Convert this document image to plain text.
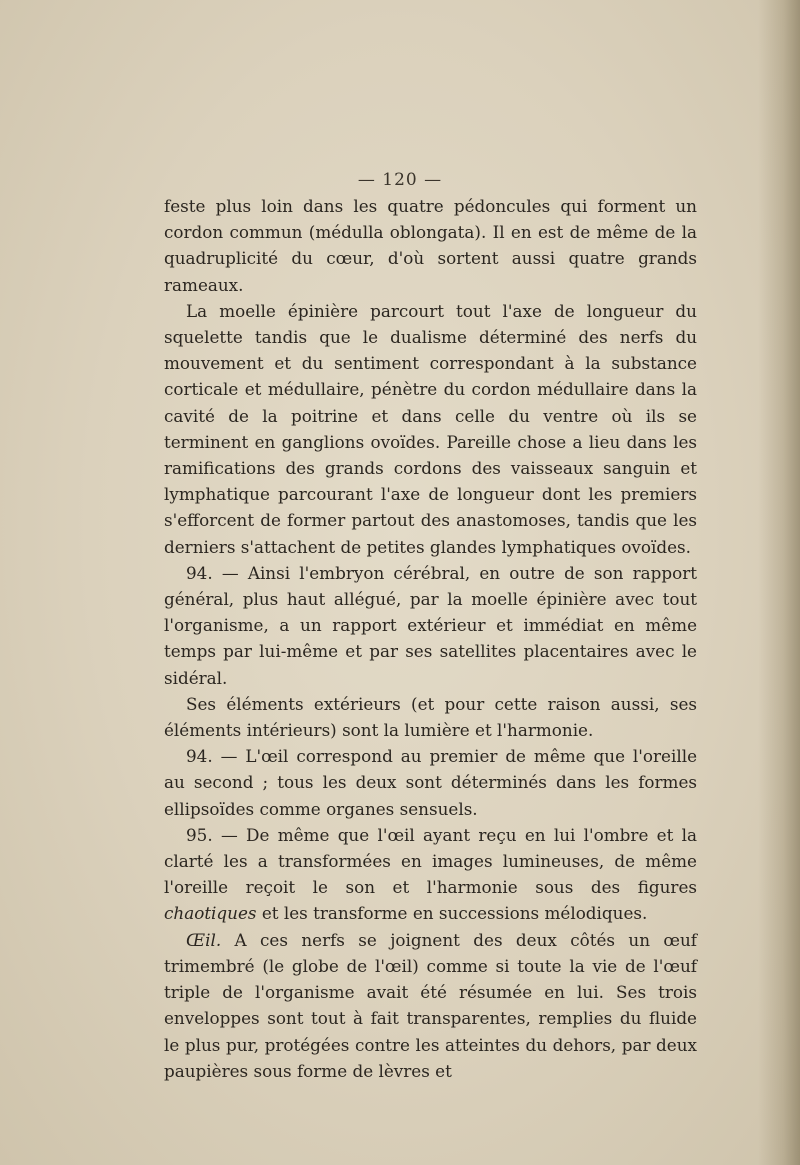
— 120 —

feste plus loin dans les quatre pédoncules qui forment un cordon commun (médulla oblongata). Il en est de même de la quadruplicité du cœur, d'où sortent aussi quatre grands rameaux.

La moelle épinière parcourt tout l'axe de longueur du squelette tandis que le dualisme déterminé des nerfs du mouvement et du sentiment correspondant à la substance corticale et médullaire, pénètre du cordon médullaire dans la cavité de la poitrine et dans celle du ventre où ils se terminent en ganglions ovoïdes. Pareille chose a lieu dans les ramifications des grands cordons des vaisseaux sanguin et lymphatique parcourant l'axe de longueur dont les premiers s'efforcent de former partout des anastomoses, tandis que les derniers s'attachent de petites glandes lymphatiques ovoïdes.

94. — Ainsi l'embryon cérébral, en outre de son rapport général, plus haut allégué, par la moelle épinière avec tout l'organisme, a un rapport extérieur et immédiat en même temps par lui-même et par ses satellites placentaires avec le sidéral.

Ses éléments extérieurs (et pour cette raison aussi, ses éléments intérieurs) sont la lumière et l'harmonie.

94. — L'œil correspond au premier de même que l'oreille au second ; tous les deux sont déterminés dans les formes ellipsoïdes comme organes sensuels.

95. — De même que l'œil ayant reçu en lui l'ombre et la clarté les a transformées en images lumineuses, de même l'oreille reçoit le son et l'harmonie sous des figures chaotiques et les transforme en successions mélodiques.

Œil. A ces nerfs se joignent des deux côtés un œuf trimembré (le globe de l'œil) comme si toute la vie de l'œuf triple de l'organisme avait été résumée en lui. Ses trois enveloppes sont tout à fait transparentes, remplies du fluide le plus pur, protégées contre les atteintes du dehors, par deux paupières sous forme de lèvres et
